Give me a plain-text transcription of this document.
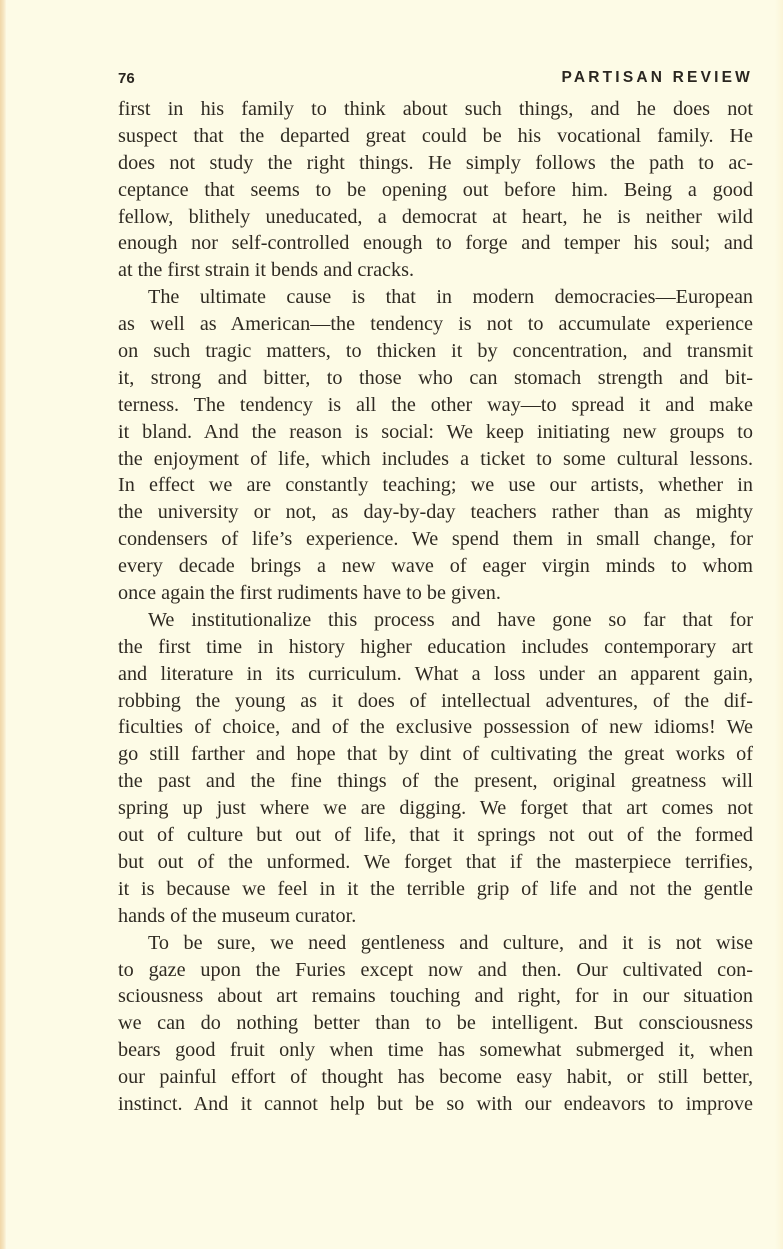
76	PARTISAN REVIEW
first in his family to think about such things, and he does not
suspect that the departed great could be his vocational family. He
does not study the right things. He simply follows the path to ac-
ceptance that seems to be opening out before him. Being a good
fellow, blithely uneducated, a democrat at heart, he is neither wild
enough nor self-controlled enough to forge and temper his soul; and
at the first strain it bends and cracks.
The ultimate cause is that in modern democracies—European
as well as American—the tendency is not to accumulate experience
on such tragic matters, to thicken it by concentration, and transmit
it, strong and bitter, to those who can stomach strength and bit-
terness. The tendency is all the other way—to spread it and make
it bland. And the reason is social: We keep initiating new groups to
the enjoyment of life, which includes a ticket to some cultural lessons.
In effect we are constantly teaching; we use our artists, whether in
the university or not, as day-by-day teachers rather than as mighty
condensers of life’s experience. We spend them in small change, for
every decade brings a new wave of eager virgin minds to whom
once again the first rudiments have to be given.
We institutionalize this process and have gone so far that for
the first time in history higher education includes contemporary art
and literature in its curriculum. What a loss under an apparent gain,
robbing the young as it does of intellectual adventures, of the dif-
ficulties of choice, and of the exclusive possession of new idioms! We
go still farther and hope that by dint of cultivating the great works of
the past and the fine things of the present, original greatness will
spring up just where we are digging. We forget that art comes not
out of culture but out of life, that it springs not out of the formed
but out of the unformed. We forget that if the masterpiece terrifies,
it is because we feel in it the terrible grip of life and not the gentle
hands of the museum curator.
To be sure, we need gentleness and culture, and it is not wise
to gaze upon the Furies except now and then. Our cultivated con-
sciousness about art remains touching and right, for in our situation
we can do nothing better than to be intelligent. But consciousness
bears good fruit only when time has somewhat submerged it, when
our painful effort of thought has become easy habit, or still better,
instinct. And it cannot help but be so with our endeavors to improve
